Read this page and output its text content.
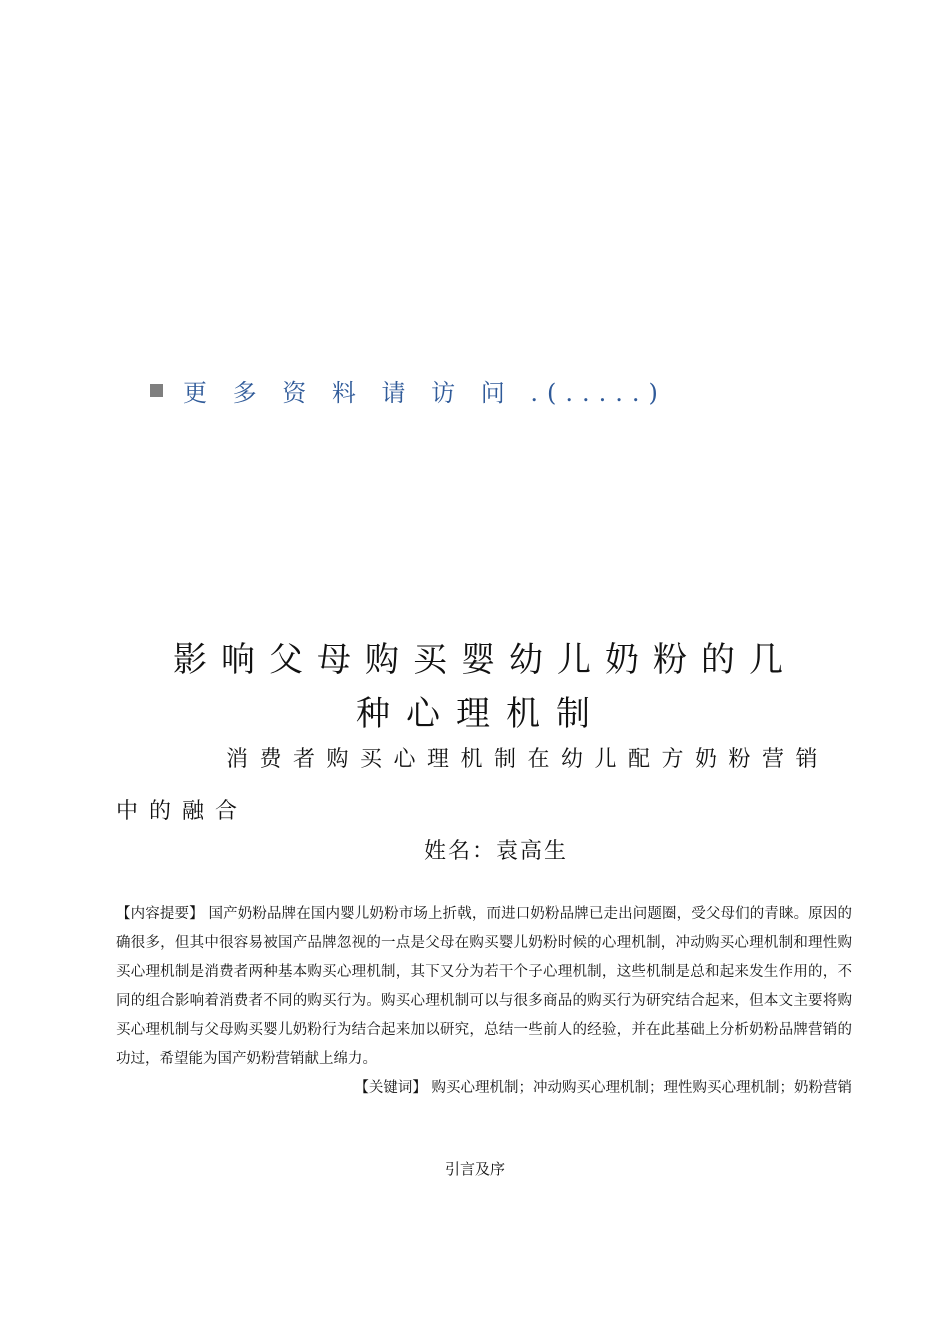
更 多 资 料 请 访 问 .(.....)
影响父母购买婴幼儿奶粉的几
种心理机制
消费者购买心理机制在幼儿配方奶粉营销
中的融合
姓名：袁高生
【内容提要】 国产奶粉品牌在国内婴儿奶粉市场上折戟，而进口奶粉品牌已走出问题圈，受父母们的青睐。原因的确很多，但其中很容易被国产品牌忽视的一点是父母在购买婴儿奶粉时候的心理机制，冲动购买心理机制和理性购买心理机制是消费者两种基本购买心理机制，其下又分为若干个子心理机制，这些机制是总和起来发生作用的，不同的组合影响着消费者不同的购买行为。购买心理机制可以与很多商品的购买行为研究结合起来，但本文主要将购买心理机制与父母购买婴儿奶粉行为结合起来加以研究，总结一些前人的经验，并在此基础上分析奶粉品牌营销的功过，希望能为国产奶粉营销献上绵力。
【关键词】 购买心理机制；冲动购买心理机制；理性购买心理机制；奶粉营销
引言及序
